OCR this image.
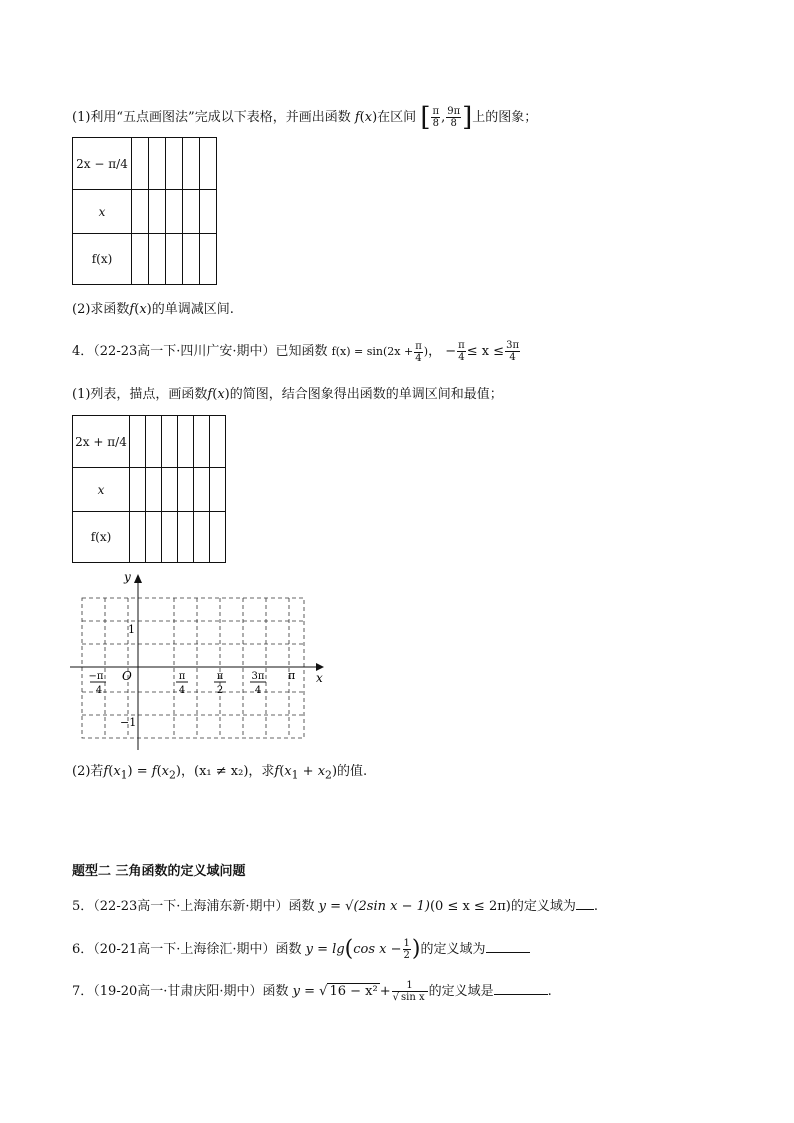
(1)利用“五点画图法”完成以下表格，并画出函数 f(x)在区间 [ $\frac{\pi}{8}$ , $\frac{9\pi}{8}$ ]上的图象；
2x − π/4					
x					
f(x)					
(2)求函数f(x)的单调减区间.
4．（22-23高一下·四川广安·期中）已知函数 $f(x) = \sin(2x + \frac{\pi}{4}$ )， − $\frac{\pi}{4} \le x \le \frac{3\pi}{4}$
(1)列表，描点，画函数f(x)的简图，结合图象得出函数的单调区间和最值；
2x + π/4						
x						
f(x)						
y
x
O
1
−1
π
−π
4
π
4
π
2
3π
4
(2)若$f(x_1) = f(x_2)$，(x₁ ≠ x₂)，求$f(x_1 + x_2)$的值.
题型二 三角函数的定义域问题
5．（22-23高一下·上海浦东新·期中）函数 y = √(2sin x − 1)(0 ≤ x ≤ 2π)的定义域为 .
6．（20-21高一下·上海徐汇·期中）函数 y = lg(cos $x - \frac{1}{2}$ )的定义域为
7．（19-20高一·甘肃庆阳·期中）函数 y = √ $16 - x^2 + \frac{1}{\text{√ sin x}}$ 的定义域是	.
